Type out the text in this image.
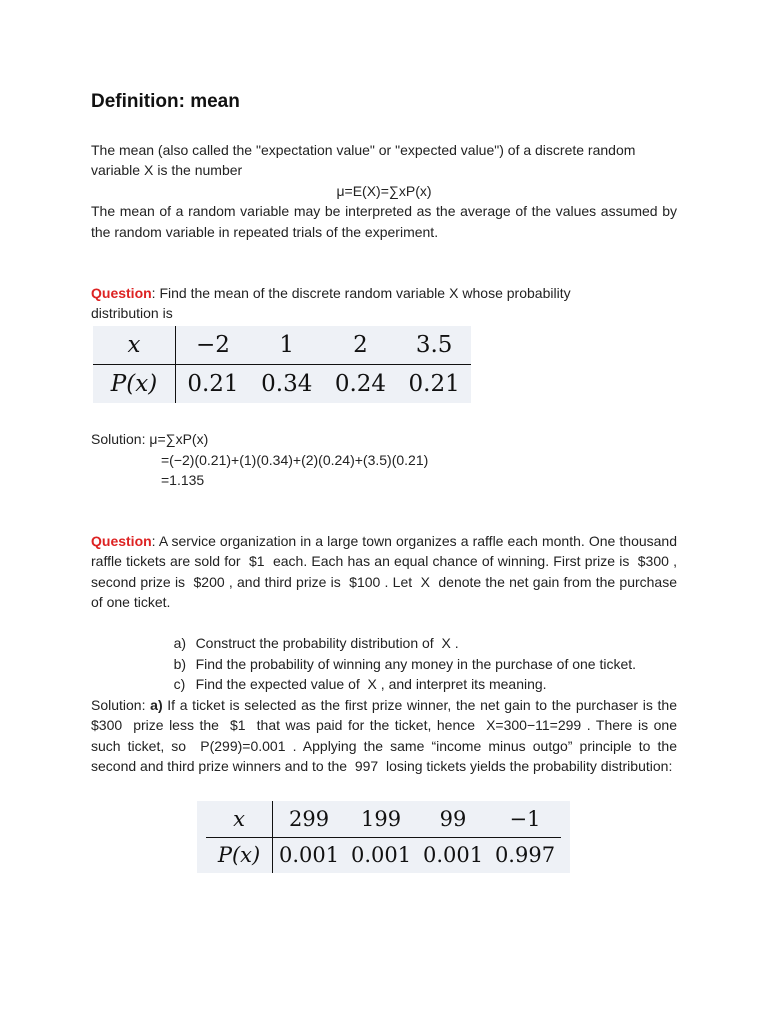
Definition: mean
The mean (also called the "expectation value" or "expected value") of a discrete random
variable X is the number
μ=E(X)=∑xP(x)
The mean of a random variable may be interpreted as the average of the values assumed by the random variable in repeated trials of the experiment.
Question: Find the mean of the discrete random variable X whose probability
distribution is
x	−2	1	2	3.5
P(x)	0.21	0.34	0.24	0.21
Solution: μ=∑xP(x)
=(−2)(0.21)+(1)(0.34)+(2)(0.24)+(3.5)(0.21)
=1.135
Question: A service organization in a large town organizes a raffle each month. One thousand raffle tickets are sold for  $1  each. Each has an equal chance of winning. First prize is  $300 , second prize is  $200 , and third prize is  $100 . Let  X  denote the net gain from the purchase of one ticket.

a) Construct the probability distribution of  X .

b) Find the probability of winning any money in the purchase of one ticket.

c) Find the expected value of  X , and interpret its meaning.

Solution: a) If a ticket is selected as the first prize winner, the net gain to the purchaser is the  $300  prize less the  $1  that was paid for the ticket, hence  X=300−11=299 . There is one such ticket, so  P(299)=0.001 . Applying the same “income minus outgo” principle to the second and third prize winners and to the  997  losing tickets yields the probability distribution:
x	299	199	99	−1
P(x)	0.001	0.001	0.001	0.997
